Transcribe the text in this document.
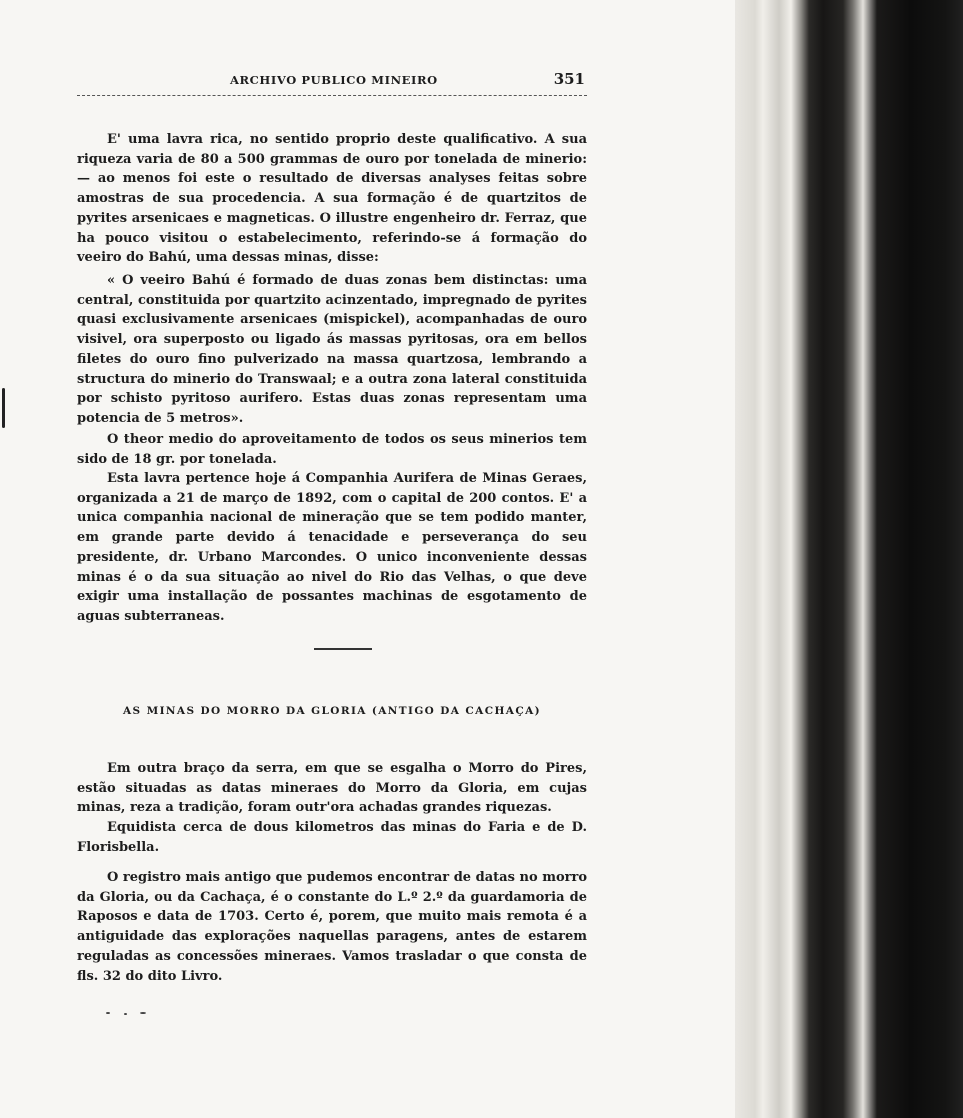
ARCHIVO PUBLICO MINEIRO	351

E' uma lavra rica, no sentido proprio deste qualificativo. A sua riqueza varia de 80 a 500 grammas de ouro por tonelada de minerio: — ao menos foi este o resultado de diversas analyses feitas sobre amostras de sua procedencia. A sua formação é de quartzitos de pyrites arsenicaes e magneticas. O illustre engenheiro dr. Ferraz, que ha pouco visitou o estabelecimento, referindo-se á formação do veeiro do Bahú, uma dessas minas, disse:

« O veeiro Bahú é formado de duas zonas bem distinctas: uma central, constituida por quartzito acinzentado, impregnado de pyrites quasi exclusivamente arsenicaes (mispickel), acompanhadas de ouro visivel, ora superposto ou ligado ás massas pyritosas, ora em bellos filetes do ouro fino pulverizado na massa quartzosa, lembrando a structura do minerio do Transwaal; e a outra zona lateral constituida por schisto pyritoso aurifero. Estas duas zonas representam uma potencia de 5 metros».

O theor medio do aproveitamento de todos os seus minerios tem sido de 18 gr. por tonelada.

Esta lavra pertence hoje á Companhia Aurifera de Minas Geraes, organizada a 21 de março de 1892, com o capital de 200 contos. E' a unica companhia nacional de mineração que se tem podido manter, em grande parte devido á tenacidade e perseverança do seu presidente, dr. Urbano Marcondes. O unico inconveniente dessas minas é o da sua situação ao nivel do Rio das Velhas, o que deve exigir uma installação de possantes machinas de esgotamento de aguas subterraneas.

AS MINAS DO MORRO DA GLORIA (ANTIGO DA CACHAÇA)

Em outra braço da serra, em que se esgalha o Morro do Pires, estão situadas as datas mineraes do Morro da Gloria, em cujas minas, reza a tradição, foram outr'ora achadas grandes riquezas.

Equidista cerca de dous kilometros das minas do Faria e de D. Florisbella.

O registro mais antigo que pudemos encontrar de datas no morro da Gloria, ou da Cachaça, é o constante do L.º 2.º da guardamoria de Raposos e data de 1703. Certo é, porem, que muito mais remota é a antiguidade das explorações naquellas paragens, antes de estarem reguladas as concessões mineraes. Vamos trasladar o que consta de fls. 32 do dito Livro.
